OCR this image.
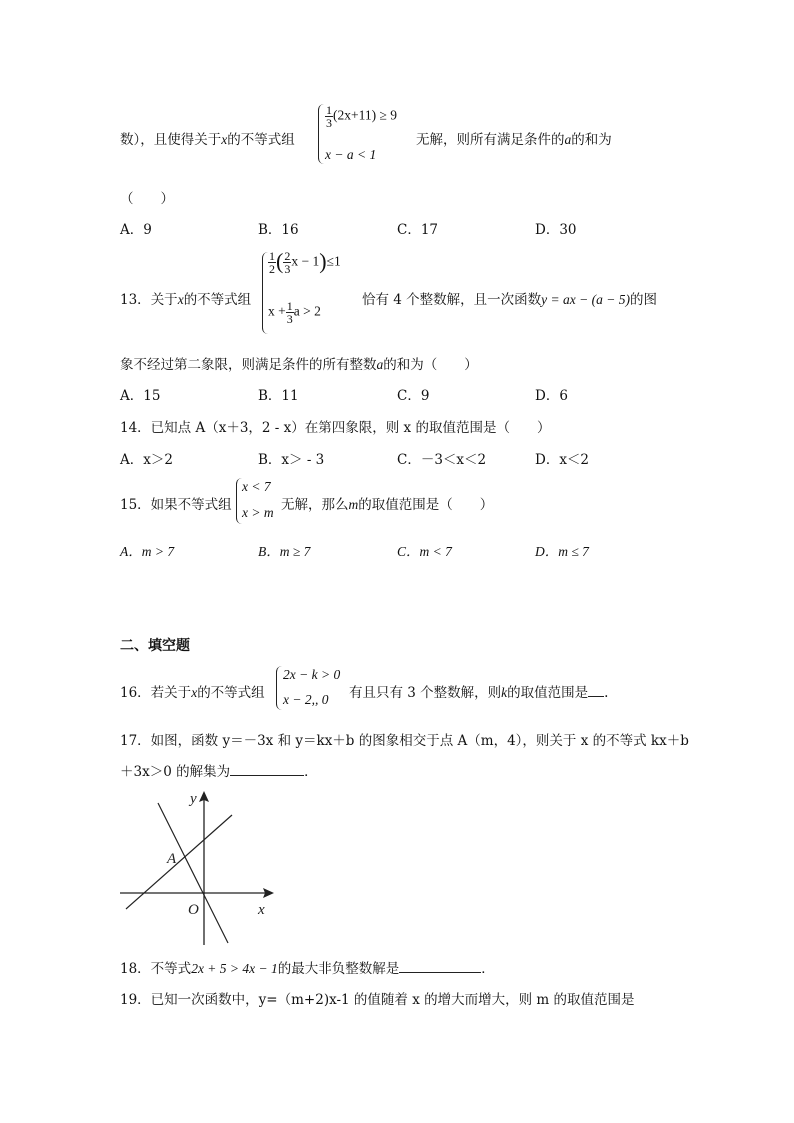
数），且使得关于x的不等式组
$\frac{1}{3} (2x+11) \ge 9$
x − a < 1
无解，则所有满足条件的a的和为
（　　）
A．9	B．16	C．17	D．30
13．关于x的不等式组
$\frac{1}{2}$ ( $\frac{2}{3}$ x − 1)≤1
$x + \frac{1}{3}$ a > 2
恰有 4 个整数解，且一次函数y = ax − (a − 5)的图
象不经过第二象限，则满足条件的所有整数a的和为（　　）
A．15	B．11	C．9	D．6
14．已知点 A（x＋3，2 - x）在第四象限，则 x 的取值范围是（　　）
A．x＞2	B．x＞ - 3	C．－3＜x＜2	D．x＜2
15．如果不等式组
x < 7
x > m 无解，那么m的取值范围是（　　）
A．m > 7	B．m ≥ 7	C．m < 7	D．m ≤ 7
二、填空题
16．若关于x的不等式组
2x − k > 0
x − 2,, 0 有且只有 3 个整数解，则k的取值范围是 .
17．如图，函数 y＝－3x 和 y＝kx＋b 的图象相交于点 A（m，4），则关于 x 的不等式 kx＋b
＋3x＞0 的解集为	．
y
x
O
A
18．不等式2x + 5 > 4x − 1的最大非负整数解是	．
19．已知一次函数中，y=（m+2)x-1 的值随着 x 的增大而增大，则 m 的取值范围是
